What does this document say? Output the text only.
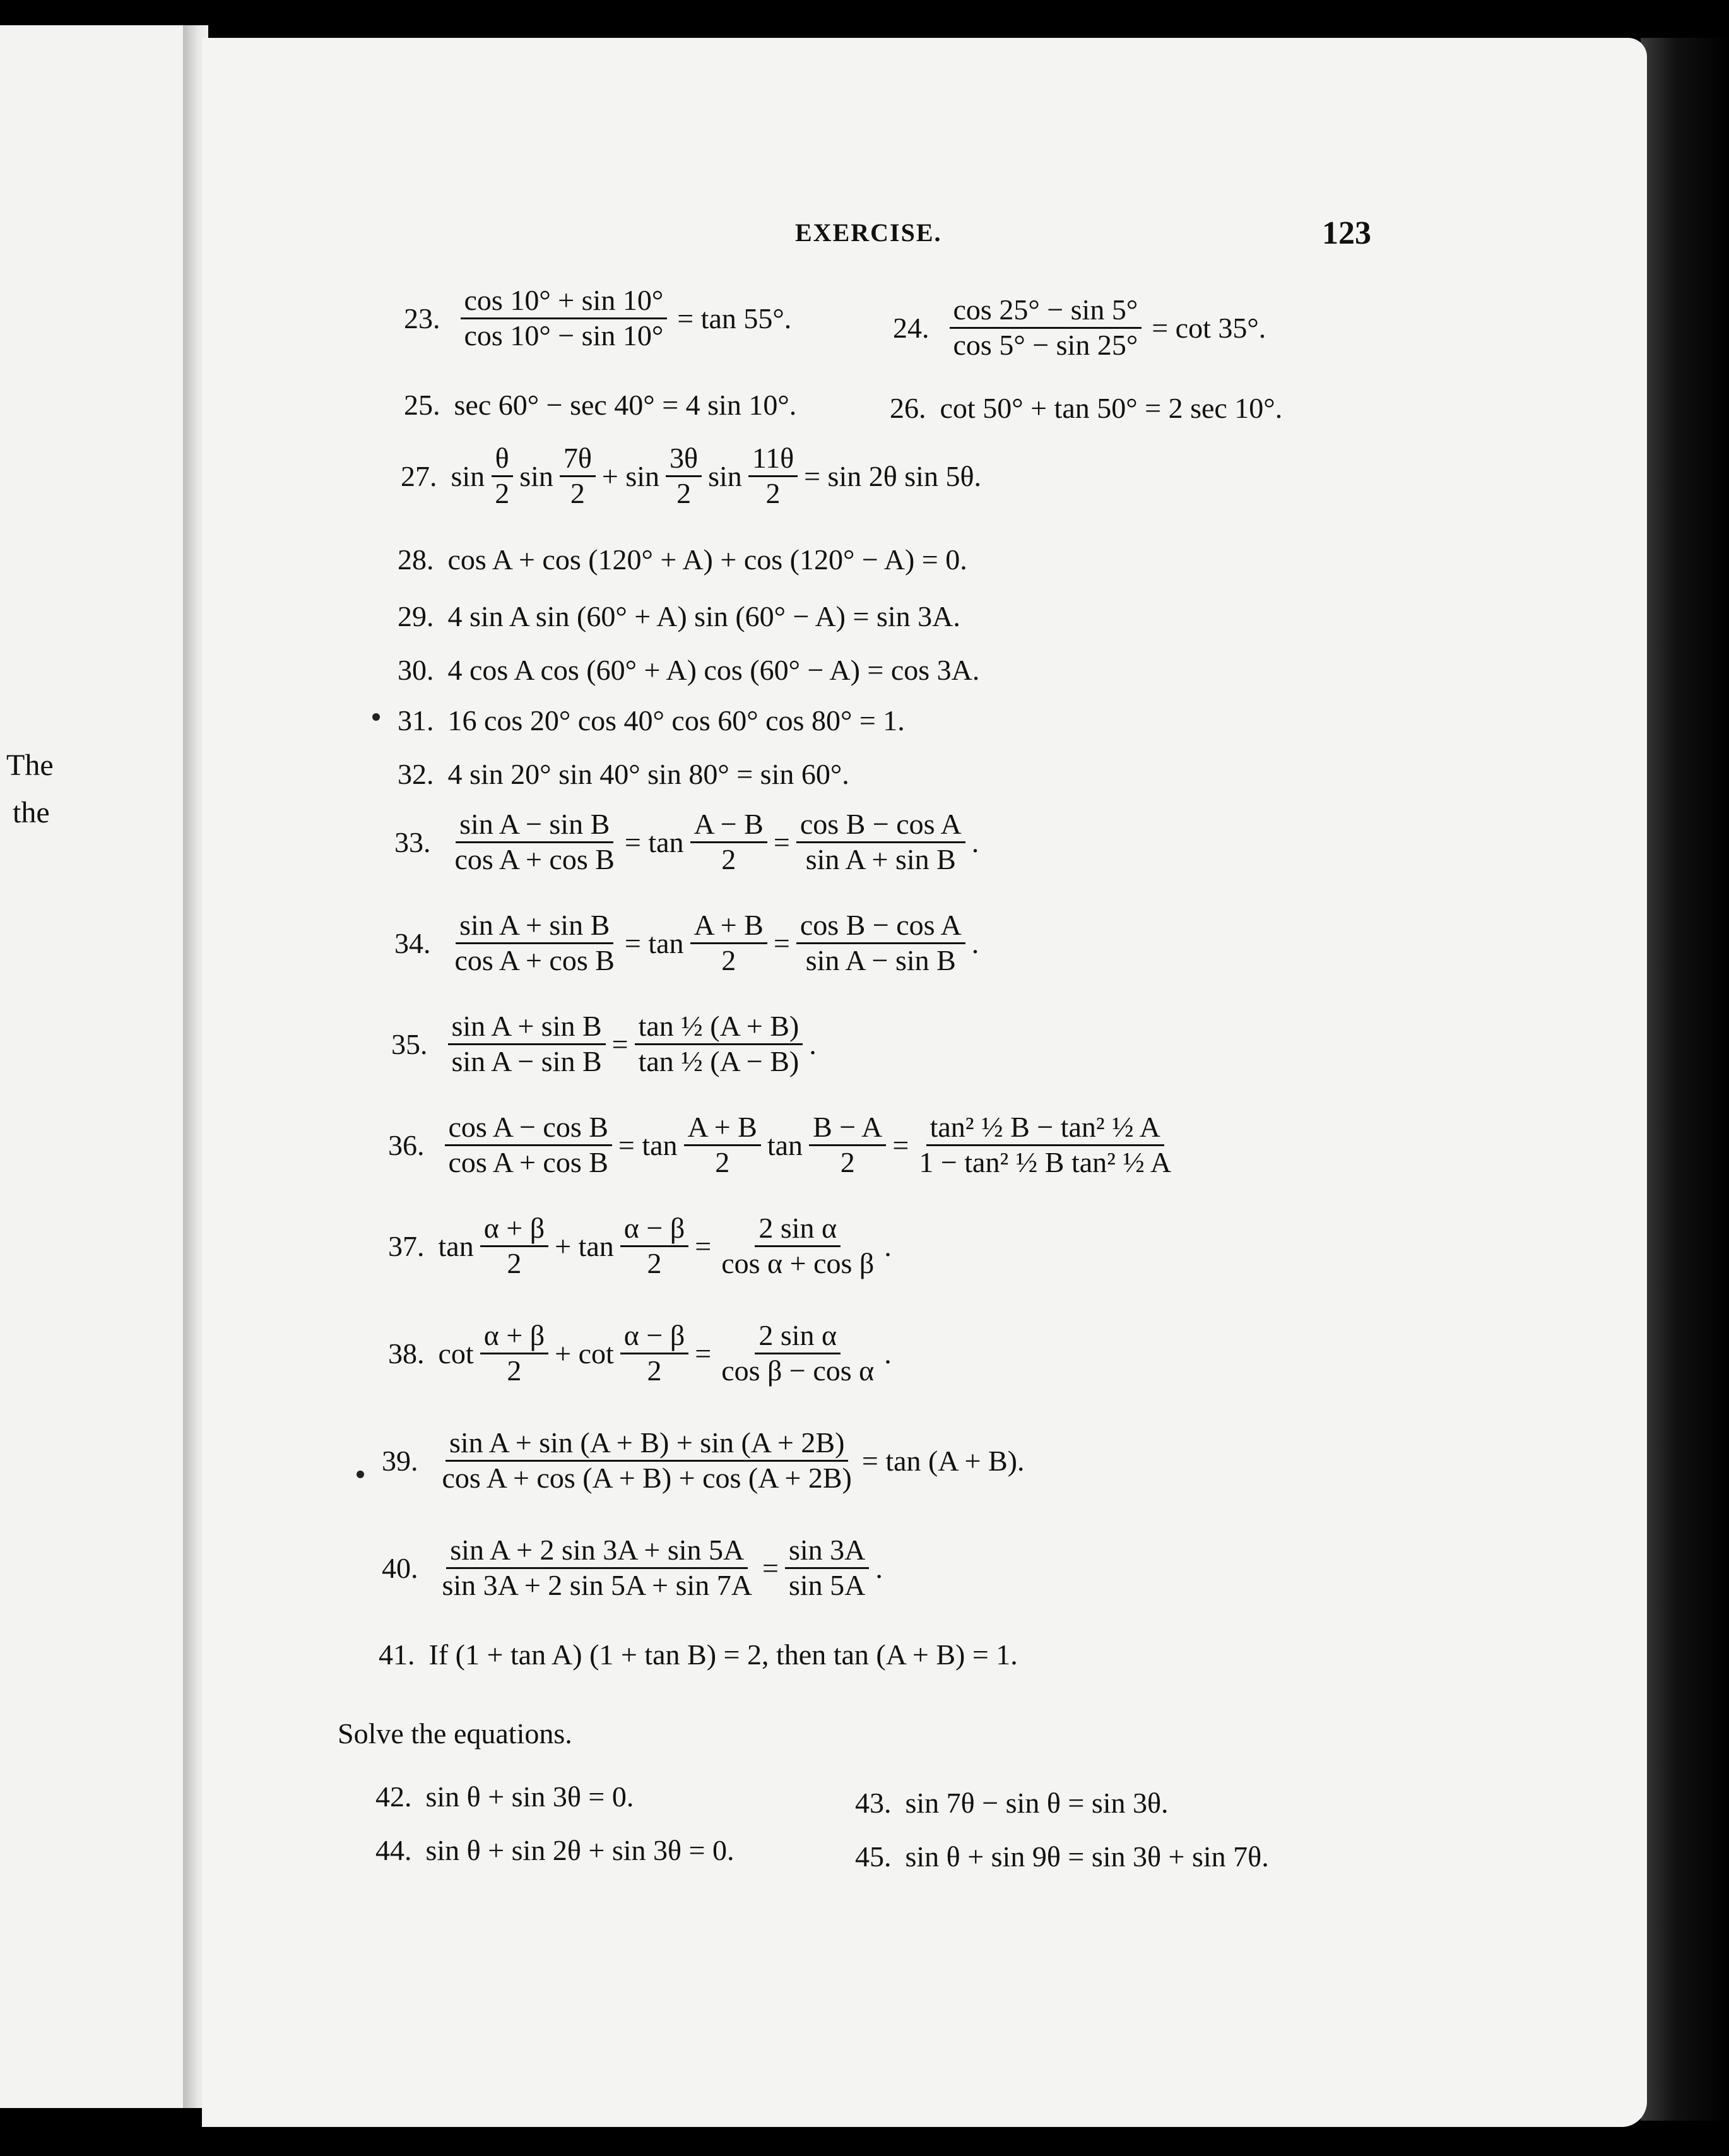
The
the
EXERCISE.	123
23. $\frac{\cos 10^\circ + \sin 10^\circ}{\cos 10^\circ - \sin 10^\circ} = \tan 55^\circ$.	24. $\frac{\cos 25^\circ - \sin 5^\circ}{\cos 5^\circ - \sin 25^\circ} = \cot 35^\circ$.
25. sec 60° − sec 40° = 4 sin 10°.	26. cot 50° + tan 50° = 2 sec 10°.
27. $\sin \frac{\theta}{2}$ $\sin \frac{7\theta}{2} + \sin \frac{3\theta}{2}$ $\sin \frac{11\theta}{2} = \sin 2\theta$ sin 5θ.
28. cos A + cos (120° + A) + cos (120° − A) = 0.
29. 4 sin A sin (60° + A) sin (60° − A) = sin 3A.
30. 4 cos A cos (60° + A) cos (60° − A) = cos 3A.
31. 16 cos 20° cos 40° cos 60° cos 80° = 1.
32. 4 sin 20° sin 40° sin 80° = sin 60°.
33. $\frac{\text{sin A − sin B}}{\text{cos A + cos B}} = \tan \frac{A - B}{2} = \frac{\text{cos B − cos A}}{\text{sin A + sin B}}$ .
34. $\frac{\text{sin A + sin B}}{\text{cos A + cos B}} = \tan \frac{A + B}{2} = \frac{\text{cos B − cos A}}{\text{sin A − sin B}}$ .
35. $\frac{\text{sin A + sin B}}{\text{sin A − sin B}} = \frac{\text{tan ½ (A + B)}}{\text{tan ½ (A − B)}}$ .
36. $\frac{\text{cos A − cos B}}{\text{cos A + cos B}} = \tan \frac{A + B}{2}$ $\tan \frac{B - A}{2} = \frac{\text{tan² ½ B − tan² ½ A}}{\text{1 − tan² ½ B tan² ½ A}}$
37. $\tan \frac{\alpha + \beta}{2} + \tan \frac{\alpha - \beta}{2} = \frac{\text{2 sin α}}{\text{cos α + cos β}}$ .
38. $\cot \frac{\alpha + \beta}{2} + \cot \frac{\alpha - \beta}{2} = \frac{\text{2 sin α}}{\text{cos β − cos α}}$ .
39. $\frac{\text{sin A + sin (A + B) + sin (A + 2B)}}{\text{cos A + cos (A + B) + cos (A + 2B)}} = \tan (A + B)$.
40. $\frac{\text{sin A + 2 sin 3A + sin 5A}}{\sin 3A + 2 \sin 5A + \sin 7A} = \frac{\sin 3A}{\sin 5A}$ .
41. If (1 + tan A) (1 + tan B) = 2, then tan (A + B) = 1.
Solve the equations.
42. sin θ + sin 3θ = 0.	43. sin 7θ − sin θ = sin 3θ.
44. sin θ + sin 2θ + sin 3θ = 0.	45. sin θ + sin 9θ = sin 3θ + sin 7θ.
